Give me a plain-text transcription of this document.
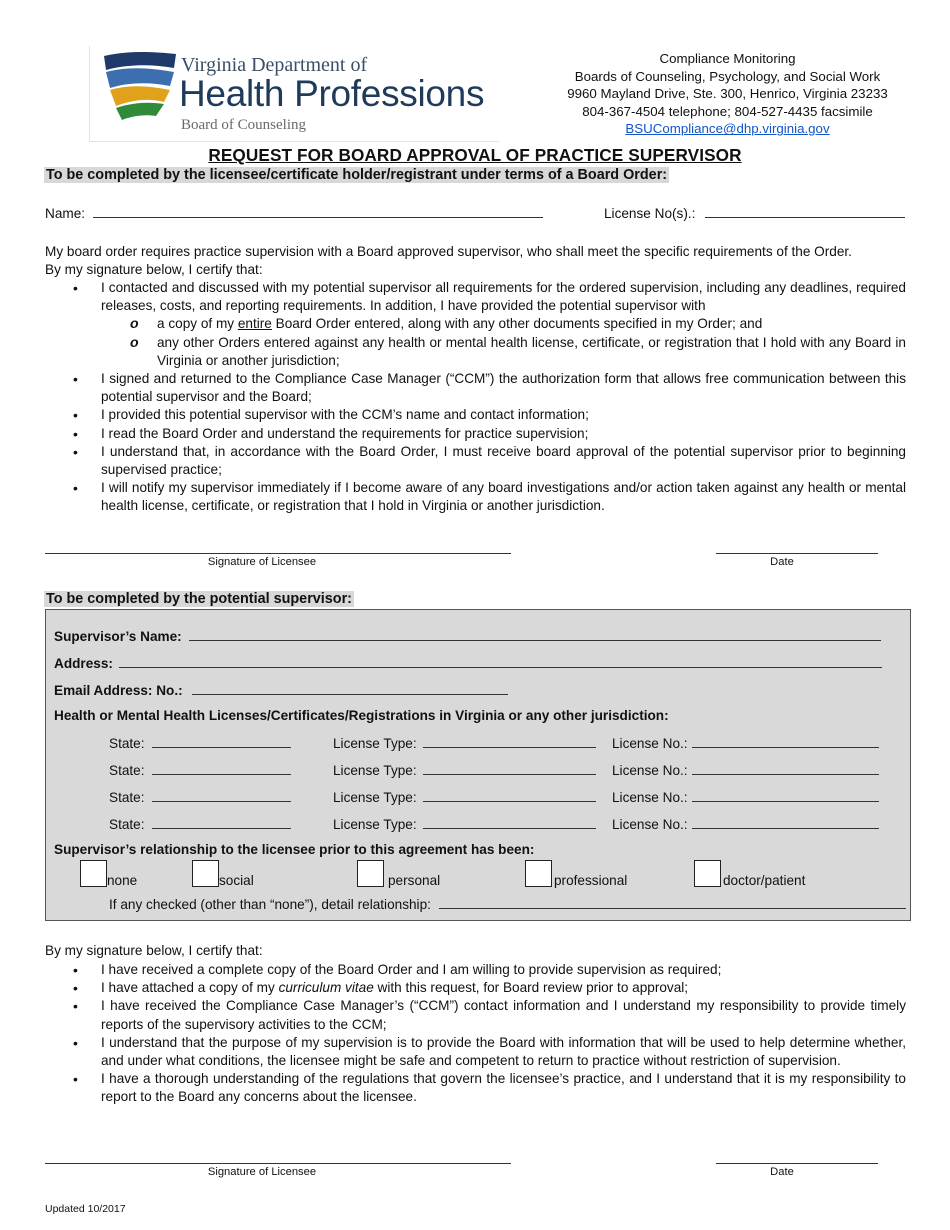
Virginia Department of
Health Professions
Board of Counseling
Compliance Monitoring
Boards of Counseling, Psychology, and Social Work
9960 Mayland Drive, Ste. 300, Henrico, Virginia 23233
804-367-4504 telephone; 804-527-4435 facsimile
BSUCompliance@dhp.virginia.gov
REQUEST FOR BOARD APPROVAL OF PRACTICE SUPERVISOR
To be completed by the licensee/certificate holder/registrant under terms of a Board Order:
Name:	License No(s).:
My board order requires practice supervision with a Board approved supervisor, who shall meet the specific requirements of the Order.
By my signature below, I certify that:
• I contacted and discussed with my potential supervisor all requirements for the ordered supervision, including any deadlines, required releases, costs, and reporting requirements. In addition, I have provided the potential supervisor with
o a copy of my entire Board Order entered, along with any other documents specified in my Order; and
o any other Orders entered against any health or mental health license, certificate, or registration that I hold with any Board in Virginia or another jurisdiction;
• I signed and returned to the Compliance Case Manager (“CCM”) the authorization form that allows free communication between this potential supervisor and the Board;
• I provided this potential supervisor with the CCM’s name and contact information;
• I read the Board Order and understand the requirements for practice supervision;
• I understand that, in accordance with the Board Order, I must receive board approval of the potential supervisor prior to beginning supervised practice;
• I will notify my supervisor immediately if I become aware of any board investigations and/or action taken against any health or mental health license, certificate, or registration that I hold in Virginia or another jurisdiction.
Signature of Licensee	Date
To be completed by the potential supervisor:
Supervisor’s Name:
Address:
Email Address: No.:
Health or Mental Health Licenses/Certificates/Registrations in Virginia or any other jurisdiction:
State:	License Type:	License No.:
State:	License Type:	License No.:
State:	License Type:	License No.:
State:	License Type:	License No.:
Supervisor’s relationship to the licensee prior to this agreement has been:
none	social	personal	professional	doctor/patient
If any checked (other than “none”), detail relationship:
By my signature below, I certify that:
• I have received a complete copy of the Board Order and I am willing to provide supervision as required;
• I have attached a copy of my curriculum vitae with this request, for Board review prior to approval;
• I have received the Compliance Case Manager’s (“CCM”) contact information and I understand my responsibility to provide timely reports of the supervisory activities to the CCM;
• I understand that the purpose of my supervision is to provide the Board with information that will be used to help determine whether, and under what conditions, the licensee might be safe and competent to return to practice without restriction of supervision.
• I have a thorough understanding of the regulations that govern the licensee’s practice, and I understand that it is my responsibility to report to the Board any concerns about the licensee.
Signature of Licensee	Date
Updated 10/2017
